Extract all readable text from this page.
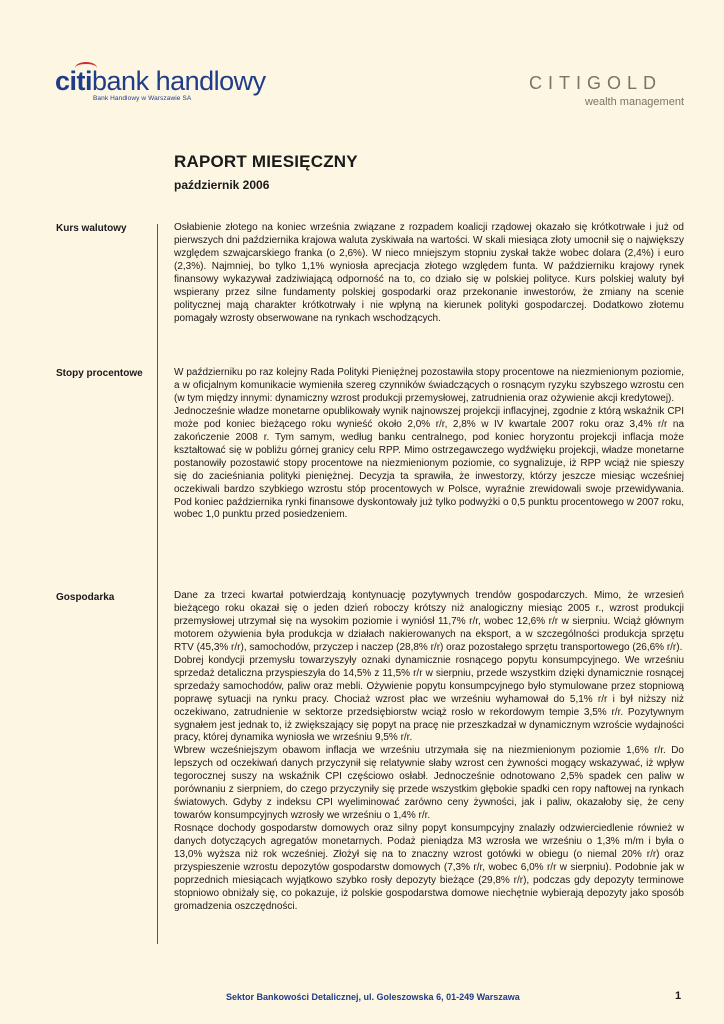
citibank handlowy
Bank Handlowy w Warszawie SA
CITIGOLD
wealth management
RAPORT MIESIĘCZNY
październik 2006
Kurs walutowy	Osłabienie złotego na koniec września związane z rozpadem koalicji rządowej okazało się krótkotrwałe i już od pierwszych dni października krajowa waluta zyskiwała na wartości. W skali miesiąca złoty umocnił się o największy względem szwajcarskiego franka (o 2,6%). W nieco mniejszym stopniu zyskał także wobec dolara (2,4%) i euro (2,3%). Najmniej, bo tylko 1,1% wyniosła aprecjacja złotego względem funta. W październiku krajowy rynek finansowy wykazywał zadziwiającą odporność na to, co działo się w polskiej polityce. Kurs polskiej waluty był wspierany przez silne fundamenty polskiej gospodarki oraz przekonanie inwestorów, że zmiany na scenie politycznej mają charakter krótkotrwały i nie wpłyną na kierunek polityki gospodarczej. Dodatkowo złotemu pomagały wzrosty obserwowane na rynkach wschodzących.

Stopy procentowe	W październiku po raz kolejny Rada Polityki Pieniężnej pozostawiła stopy procentowe na niezmienionym poziomie, a w oficjalnym komunikacie wymieniła szereg czynników świadczących o rosnącym ryzyku szybszego wzrostu cen (w tym między innymi: dynamiczny wzrost produkcji przemysłowej, zatrudnienia oraz ożywienie akcji kredytowej).

Jednocześnie władze monetarne opublikowały wynik najnowszej projekcji inflacyjnej, zgodnie z którą wskaźnik CPI może pod koniec bieżącego roku wynieść około 2,0% r/r, 2,8% w IV kwartale 2007 roku oraz 3,4% r/r na zakończenie 2008 r. Tym samym, według banku centralnego, pod koniec horyzontu projekcji inflacja może kształtować się w pobliżu górnej granicy celu RPP. Mimo ostrzegawczego wydźwięku projekcji, władze monetarne postanowiły pozostawić stopy procentowe na niezmienionym poziomie, co sygnalizuje, iż RPP wciąż nie spieszy się do zacieśniania polityki pieniężnej. Decyzja ta sprawiła, że inwestorzy, którzy jeszcze miesiąc wcześniej oczekiwali bardzo szybkiego wzrostu stóp procentowych w Polsce, wyraźnie zrewidowali swoje przewidywania. Pod koniec października rynki finansowe dyskontowały już tylko podwyżki o 0,5 punktu procentowego w 2007 roku, wobec 1,0 punktu przed posiedzeniem.

Gospodarka	Dane za trzeci kwartał potwierdzają kontynuację pozytywnych trendów gospodarczych. Mimo, że wrzesień bieżącego roku okazał się o jeden dzień roboczy krótszy niż analogiczny miesiąc 2005 r., wzrost produkcji przemysłowej utrzymał się na wysokim poziomie i wyniósł 11,7% r/r, wobec 12,6% r/r w sierpniu. Wciąż głównym motorem ożywienia była produkcja w działach nakierowanych na eksport, a w szczególności produkcja sprzętu RTV (45,3% r/r), samochodów, przyczep i naczep (28,8% r/r) oraz pozostałego sprzętu transportowego (26,6% r/r).

Dobrej kondycji przemysłu towarzyszyły oznaki dynamicznie rosnącego popytu konsumpcyjnego. We wrześniu sprzedaż detaliczna przyspieszyła do 14,5% z 11,5% r/r w sierpniu, przede wszystkim dzięki dynamicznie rosnącej sprzedaży samochodów, paliw oraz mebli. Ożywienie popytu konsumpcyjnego było stymulowane przez stopniową poprawę sytuacji na rynku pracy. Chociaż wzrost płac we wrześniu wyhamował do 5,1% r/r i był niższy niż oczekiwano, zatrudnienie w sektorze przedsiębiorstw wciąż rosło w rekordowym tempie 3,5% r/r. Pozytywnym sygnałem jest jednak to, iż zwiększający się popyt na pracę nie przeszkadzał w dynamicznym wzroście wydajności pracy, której dynamika wyniosła we wrześniu 9,5% r/r.

Wbrew wcześniejszym obawom inflacja we wrześniu utrzymała się na niezmienionym poziomie 1,6% r/r. Do lepszych od oczekiwań danych przyczynił się relatywnie słaby wzrost cen żywności mogący wskazywać, iż wpływ tegorocznej suszy na wskaźnik CPI częściowo osłabł. Jednocześnie odnotowano 2,5% spadek cen paliw w porównaniu z sierpniem, do czego przyczyniły się przede wszystkim głębokie spadki cen ropy naftowej na rynkach światowych. Gdyby z indeksu CPI wyeliminować zarówno ceny żywności, jak i paliw, okazałoby się, że ceny towarów konsumpcyjnych wzrosły we wrześniu o 1,4% r/r.

Rosnące dochody gospodarstw domowych oraz silny popyt konsumpcyjny znalazły odzwierciedlenie również w danych dotyczących agregatów monetarnych. Podaż pieniądza M3 wzrosła we wrześniu o 1,3% m/m i była o 13,0% wyższa niż rok wcześniej. Złożył się na to znaczny wzrost gotówki w obiegu (o niemal 20% r/r) oraz przyspieszenie wzrostu depozytów gospodarstw domowych (7,3% r/r, wobec 6,0% r/r w sierpniu). Podobnie jak w poprzednich miesiącach wyjątkowo szybko rosły depozyty bieżące (29,8% r/r), podczas gdy depozyty terminowe stopniowo obniżały się, co pokazuje, iż polskie gospodarstwa domowe niechętnie wybierają depozyty jako sposób gromadzenia oszczędności.

Sektor Bankowości Detalicznej, ul. Goleszowska 6, 01-249 Warszawa	1
